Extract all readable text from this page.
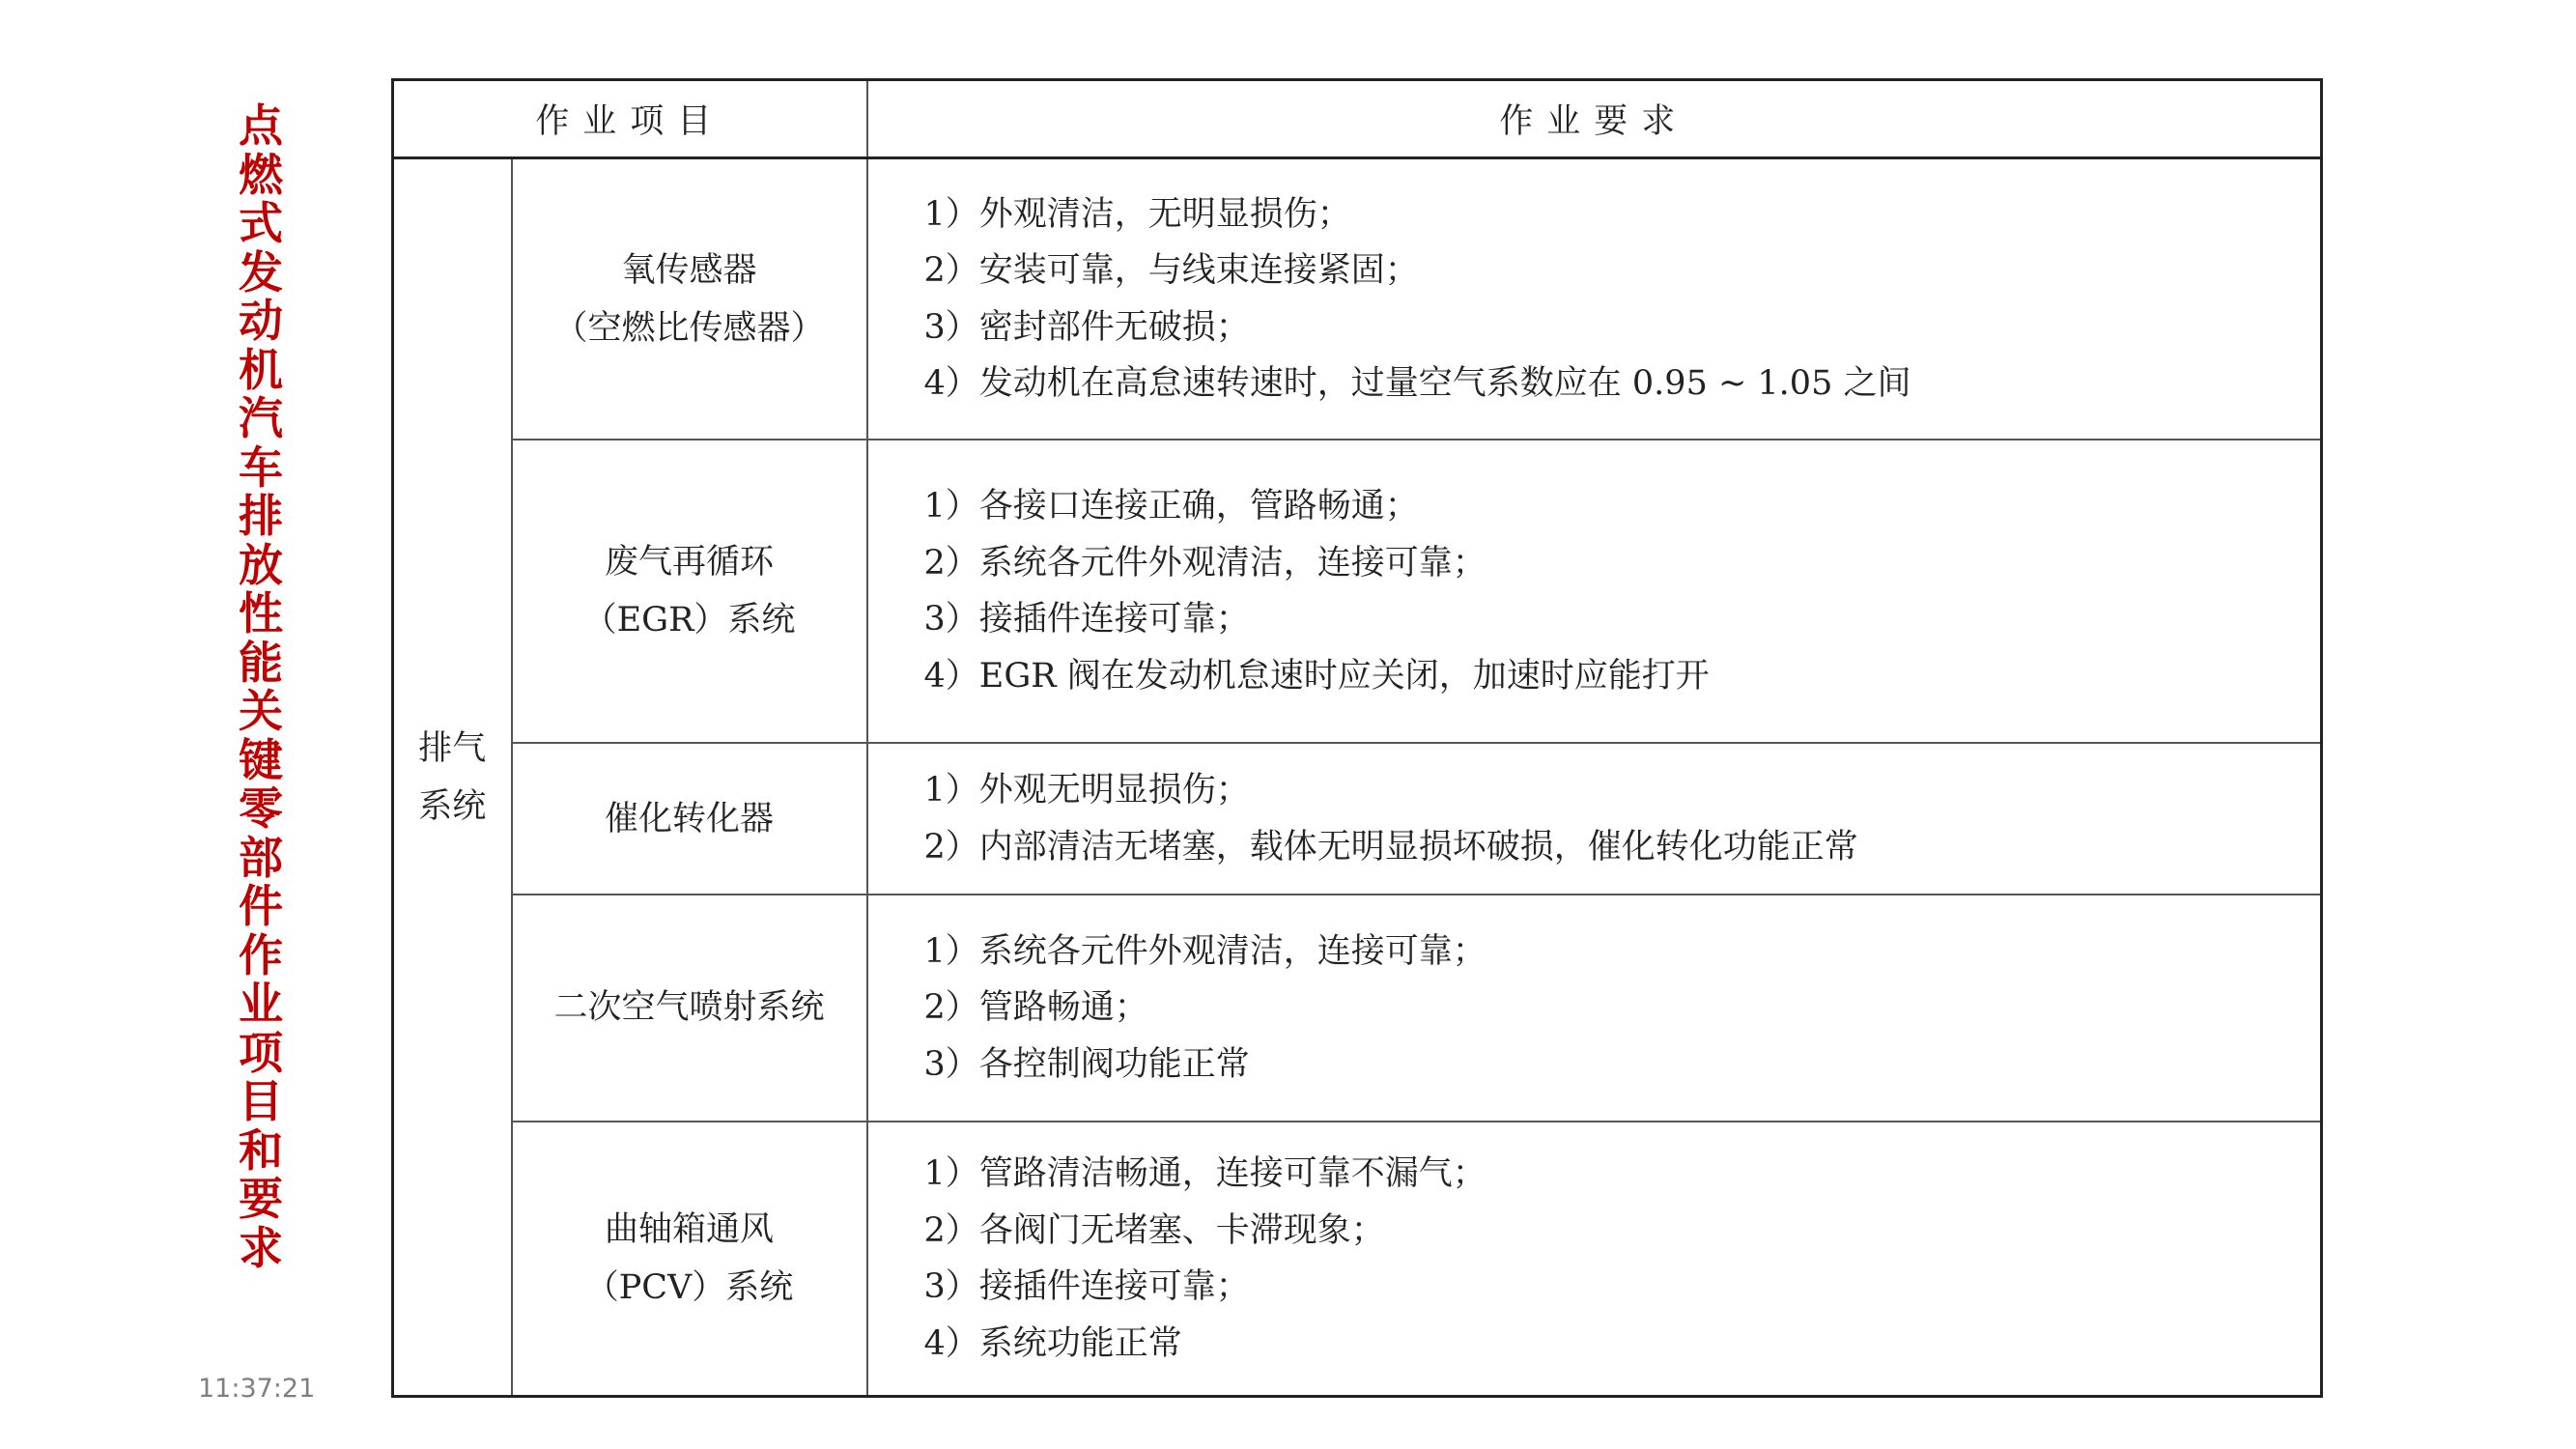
点燃式发动机汽车排放性能关键零部件作业项目和要求
作业项目		作业要求

排气
系统	氧传感器
（空燃比传感器）	1）外观清洁，无明显损伤；
2）安装可靠，与线束连接紧固；
3）密封部件无破损；
4）发动机在高怠速转速时，过量空气系数应在 0.95 ~ 1.05 之间

	废气再循环
（EGR）系统	1）各接口连接正确，管路畅通；
2）系统各元件外观清洁，连接可靠；
3）接插件连接可靠；
4）EGR 阀在发动机怠速时应关闭，加速时应能打开

	催化转化器	1）外观无明显损伤；
2）内部清洁无堵塞，载体无明显损坏破损，催化转化功能正常

	二次空气喷射系统	1）系统各元件外观清洁，连接可靠；
2）管路畅通；
3）各控制阀功能正常

	曲轴箱通风
（PCV）系统	1）管路清洁畅通，连接可靠不漏气；
2）各阀门无堵塞、卡滞现象；
3）接插件连接可靠；
4）系统功能正常
11:37:21
